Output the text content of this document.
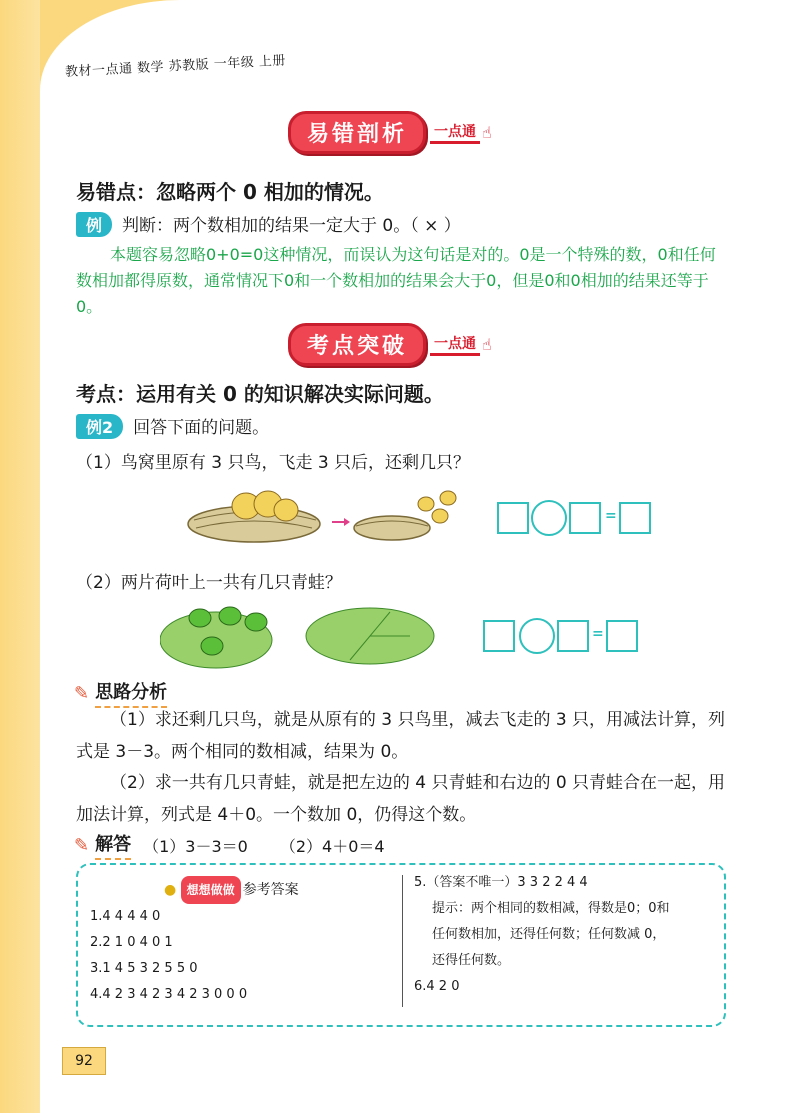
教材一点通 数学 苏教版 一年级 上册
易错剖析	一点通 ☝
易错点：忽略两个 0 相加的情况。
例 判断：两个数相加的结果一定大于 0。（ × ）
本题容易忽略0+0=0这种情况，而误认为这句话是对的。0是一个特殊的数，0和任何数相加都得原数，通常情况下0和一个数相加的结果会大于0，但是0和0相加的结果还等于0。
考点突破	一点通 ☝
考点：运用有关 0 的知识解决实际问题。
例2 回答下面的问题。
（1）鸟窝里原有 3 只鸟，飞走 3 只后，还剩几只？
=
（2）两片荷叶上一共有几只青蛙？
=
✎ 思路分析
（1）求还剩几只鸟，就是从原有的 3 只鸟里，减去飞走的 3 只，用减法计算，列式是 3－3。两个相同的数相减，结果为 0。
（2）求一共有几只青蛙，就是把左边的 4 只青蛙和右边的 0 只青蛙合在一起，用加法计算，列式是 4＋0。一个数加 0，仍得这个数。
✎ 解答 （1）3－3＝0 （2）4＋0＝4
● 想想做做 参考答案
1.4 4 4 4 0
2.2 1 0 4 0 1
3.1 4 5 3 2 5 5 0
4.4 2 3 4 2 3 4 2 3 0 0 0
5.（答案不唯一）3 3 2 2 4 4
提示：两个相同的数相减，得数是0；0和
任何数相加，还得任何数；任何数减 0，
还得任何数。
6.4 2 0
92
